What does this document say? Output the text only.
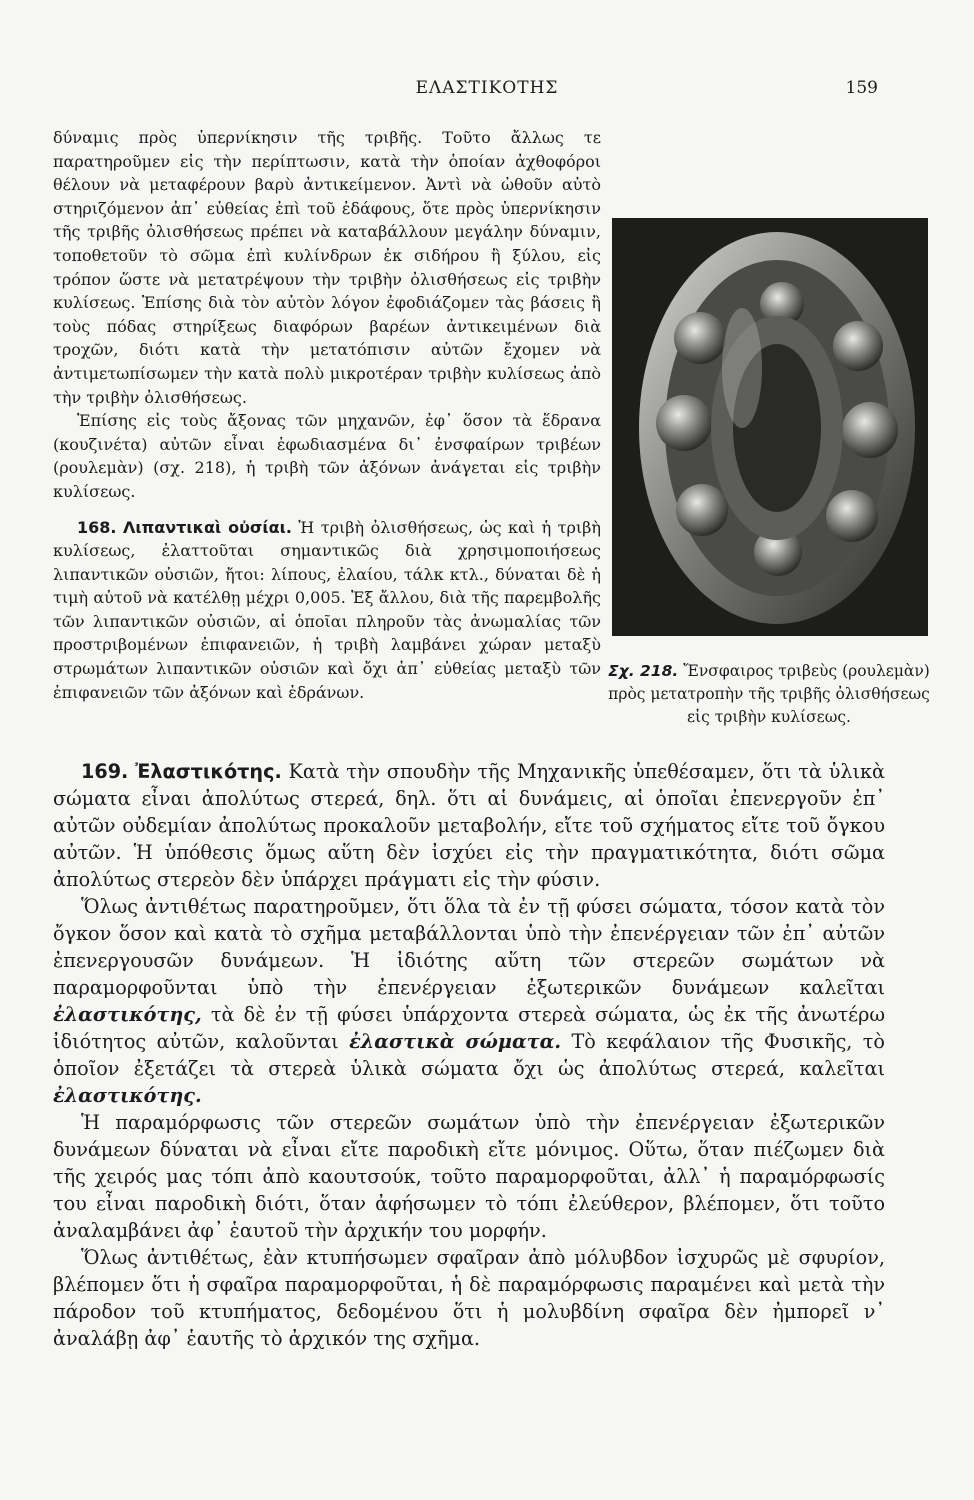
ΕΛΑΣΤΙΚΟΤΗΣ	159

δύναμις πρὸς ὑπερνίκησιν τῆς τριβῆς. Τοῦτο ἄλλως τε παρατηροῦμεν εἰς τὴν περίπτωσιν, κατὰ τὴν ὁποίαν ἀχθοφόροι θέλουν νὰ μεταφέρουν βαρὺ ἀντικείμενον. Ἀντὶ νὰ ὠθοῦν αὐτὸ στηριζόμενον ἀπ᾽ εὐθείας ἐπὶ τοῦ ἐδάφους, ὅτε πρὸς ὑπερνίκησιν τῆς τριβῆς ὀλισθήσεως πρέπει νὰ καταβάλλουν μεγάλην δύναμιν, τοποθετοῦν τὸ σῶμα ἐπὶ κυλίνδρων ἐκ σιδήρου ἢ ξύλου, εἰς τρόπον ὥστε νὰ μετατρέψουν τὴν τριβὴν ὀλισθήσεως εἰς τριβὴν κυλίσεως. Ἐπίσης διὰ τὸν αὐτὸν λόγον ἐφοδιάζομεν τὰς βάσεις ἢ τοὺς πόδας στηρίξεως διαφόρων βαρέων ἀντικειμένων διὰ τροχῶν, διότι κατὰ τὴν μετατόπισιν αὐτῶν ἔχομεν νὰ ἀντιμετωπίσωμεν τὴν κατὰ πολὺ μικροτέραν τριβὴν κυλίσεως ἀπὸ τὴν τριβὴν ὀλισθήσεως.

Ἐπίσης εἰς τοὺς ἄξονας τῶν μηχανῶν, ἐφ᾽ ὅσον τὰ ἕδρανα (κουζινέτα) αὐτῶν εἶναι ἐφωδιασμένα δι᾽ ἐνσφαίρων τριβέων (ρουλεμὰν) (σχ. 218), ἡ τριβὴ τῶν ἀξόνων ἀνάγεται εἰς τριβὴν κυλίσεως.

168. Λιπαντικαὶ οὐσίαι. Ἡ τριβὴ ὀλισθήσεως, ὡς καὶ ἡ τριβὴ κυλίσεως, ἐλαττοῦται σημαντικῶς διὰ χρησιμοποιήσεως λιπαντικῶν οὐσιῶν, ἤτοι: λίπους, ἐλαίου, τάλκ κτλ., δύναται δὲ ἡ τιμὴ αὐτοῦ νὰ κατέλθῃ μέχρι 0,005. Ἐξ ἄλλου, διὰ τῆς παρεμβολῆς τῶν λιπαντικῶν οὐσιῶν, αἱ ὁποῖαι πληροῦν τὰς ἀνωμαλίας τῶν προστριβομένων ἐπιφανειῶν, ἡ τριβὴ λαμβάνει χώραν μεταξὺ στρωμάτων λιπαντικῶν οὐσιῶν καὶ ὄχι ἀπ᾽ εὐθείας μεταξὺ τῶν ἐπιφανειῶν τῶν ἀξόνων καὶ ἑδράνων.

Σχ. 218. Ἔνσφαιρος τριβεὺς (ρουλεμὰν) πρὸς μετατροπὴν τῆς τριβῆς ὀλισθήσεως εἰς τριβὴν κυλίσεως.

169. Ἐλαστικότης. Κατὰ τὴν σπουδὴν τῆς Μηχανικῆς ὑπεθέσαμεν, ὅτι τὰ ὑλικὰ σώματα εἶναι ἀπολύτως στερεά, δηλ. ὅτι αἱ δυνάμεις, αἱ ὁποῖαι ἐπενεργοῦν ἐπ᾽ αὐτῶν οὐδεμίαν ἀπολύτως προκαλοῦν μεταβολήν, εἴτε τοῦ σχήματος εἴτε τοῦ ὄγκου αὐτῶν. Ἡ ὑπόθεσις ὅμως αὕτη δὲν ἰσχύει εἰς τὴν πραγματικότητα, διότι σῶμα ἀπολύτως στερεὸν δὲν ὑπάρχει πράγματι εἰς τὴν φύσιν.

Ὅλως ἀντιθέτως παρατηροῦμεν, ὅτι ὅλα τὰ ἐν τῇ φύσει σώματα, τόσον κατὰ τὸν ὄγκον ὅσον καὶ κατὰ τὸ σχῆμα μεταβάλλονται ὑπὸ τὴν ἐπενέργειαν τῶν ἐπ᾽ αὐτῶν ἐπενεργουσῶν δυνάμεων. Ἡ ἰδιότης αὕτη τῶν στερεῶν σωμάτων νὰ παραμορφοῦνται ὑπὸ τὴν ἐπενέργειαν ἐξωτερικῶν δυνάμεων καλεῖται ἐλαστικότης, τὰ δὲ ἐν τῇ φύσει ὑπάρχοντα στερεὰ σώματα, ὡς ἐκ τῆς ἀνωτέρω ἰδιότητος αὐτῶν, καλοῦνται ἐλαστικὰ σώματα. Τὸ κεφάλαιον τῆς Φυσικῆς, τὸ ὁποῖον ἐξετάζει τὰ στερεὰ ὑλικὰ σώματα ὄχι ὡς ἀπολύτως στερεά, καλεῖται ἐλαστικότης.

Ἡ παραμόρφωσις τῶν στερεῶν σωμάτων ὑπὸ τὴν ἐπενέργειαν ἐξωτερικῶν δυνάμεων δύναται νὰ εἶναι εἴτε παροδικὴ εἴτε μόνιμος. Οὕτω, ὅταν πιέζωμεν διὰ τῆς χειρός μας τόπι ἀπὸ καουτσούκ, τοῦτο παραμορφοῦται, ἀλλ᾽ ἡ παραμόρφωσίς του εἶναι παροδικὴ διότι, ὅταν ἀφήσωμεν τὸ τόπι ἐλεύθερον, βλέπομεν, ὅτι τοῦτο ἀναλαμβάνει ἀφ᾽ ἑαυτοῦ τὴν ἀρχικήν του μορφήν.

Ὅλως ἀντιθέτως, ἐὰν κτυπήσωμεν σφαῖραν ἀπὸ μόλυβδον ἰσχυρῶς μὲ σφυρίον, βλέπομεν ὅτι ἡ σφαῖρα παραμορφοῦται, ἡ δὲ παραμόρφωσις παραμένει καὶ μετὰ τὴν πάροδον τοῦ κτυπήματος, δεδομένου ὅτι ἡ μολυβδίνη σφαῖρα δὲν ἠμπορεῖ ν᾽ ἀναλάβῃ ἀφ᾽ ἑαυτῆς τὸ ἀρχικόν της σχῆμα.
